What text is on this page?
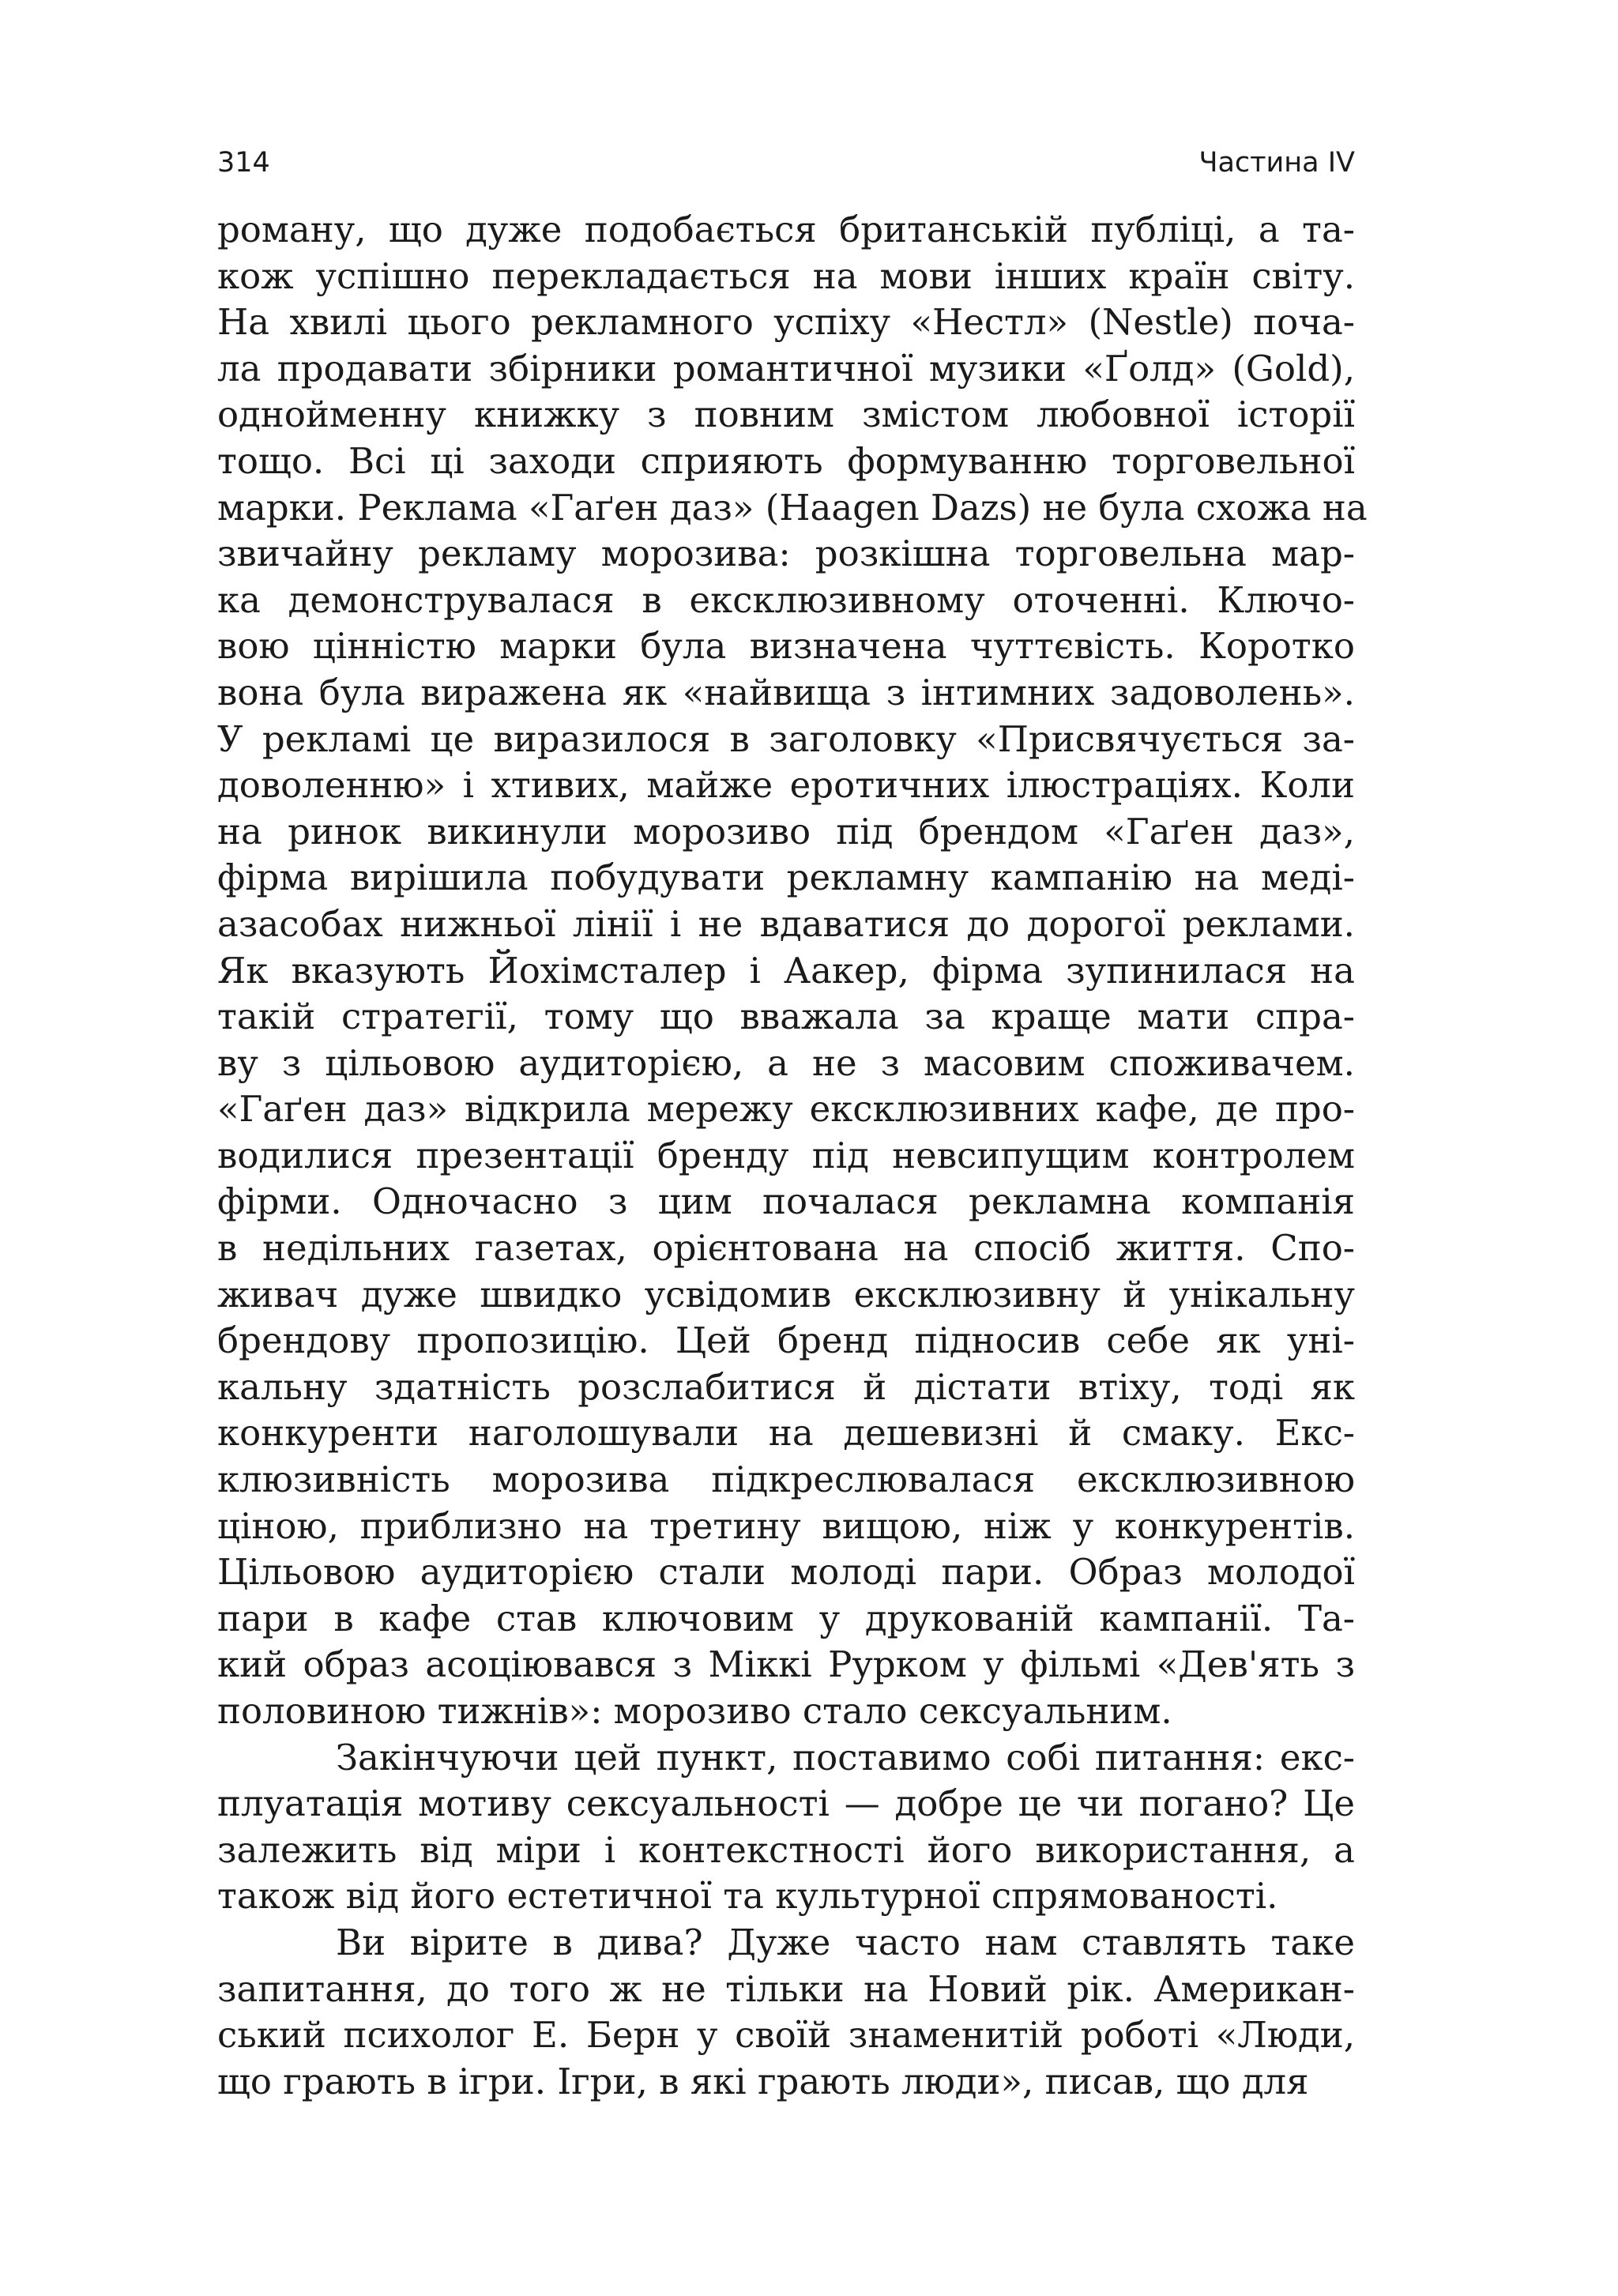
314	Частина IV
роману, що дуже подобається британській публіці, а та-
кож успішно перекладається на мови інших країн світу.
На хвилі цього рекламного успіху «Нестл» (Nestle) поча-
ла продавати збірники романтичної музики «Ґолд» (Gold),
однойменну книжку з повним змістом любовної історії
тощо. Всі ці заходи сприяють формуванню торговельної
марки. Реклама «Гаґен даз» (Haagen Dazs) не була схожа на
звичайну рекламу морозива: розкішна торговельна мар-
ка демонструвалася в ексклюзивному оточенні. Ключо-
вою цінністю марки була визначена чуттєвість. Коротко
вона була виражена як «найвища з інтимних задоволень».
У рекламі це виразилося в заголовку «Присвячується за-
доволенню» і хтивих, майже еротичних ілюстраціях. Коли
на ринок викинули морозиво під брендом «Гаґен даз»,
фірма вирішила побудувати рекламну кампанію на меді-
азасобах нижньої лінії і не вдаватися до дорогої реклами.
Як вказують Йохімсталер і Аакер, фірма зупинилася на
такій стратегії, тому що вважала за краще мати спра-
ву з цільовою аудиторією, а не з масовим споживачем.
«Гаґен даз» відкрила мережу ексклюзивних кафе, де про-
водилися презентації бренду під невсипущим контролем
фірми. Одночасно з цим почалася рекламна компанія
в недільних газетах, орієнтована на спосіб життя. Спо-
живач дуже швидко усвідомив ексклюзивну й унікальну
брендову пропозицію. Цей бренд підносив себе як уні-
кальну здатність розслабитися й дістати втіху, тоді як
конкуренти наголошували на дешевизні й смаку. Екс-
клюзивність морозива підкреслювалася ексклюзивною
ціною, приблизно на третину вищою, ніж у конкурентів.
Цільовою аудиторією стали молоді пари. Образ молодої
пари в кафе став ключовим у друкованій кампанії. Та-
кий образ асоціювався з Міккі Рурком у фільмі «Дев'ять з
половиною тижнів»: морозиво стало сексуальним.
Закінчуючи цей пункт, поставимо собі питання: екс-
плуатація мотиву сексуальності — добре це чи погано? Це
залежить від міри і контекстності його використання, а
також від його естетичної та культурної спрямованості.
Ви вірите в дива? Дуже часто нам ставлять таке
запитання, до того ж не тільки на Новий рік. Американ-
ський психолог Е. Берн у своїй знаменитій роботі «Люди,
що грають в ігри. Ігри, в які грають люди», писав, що для
